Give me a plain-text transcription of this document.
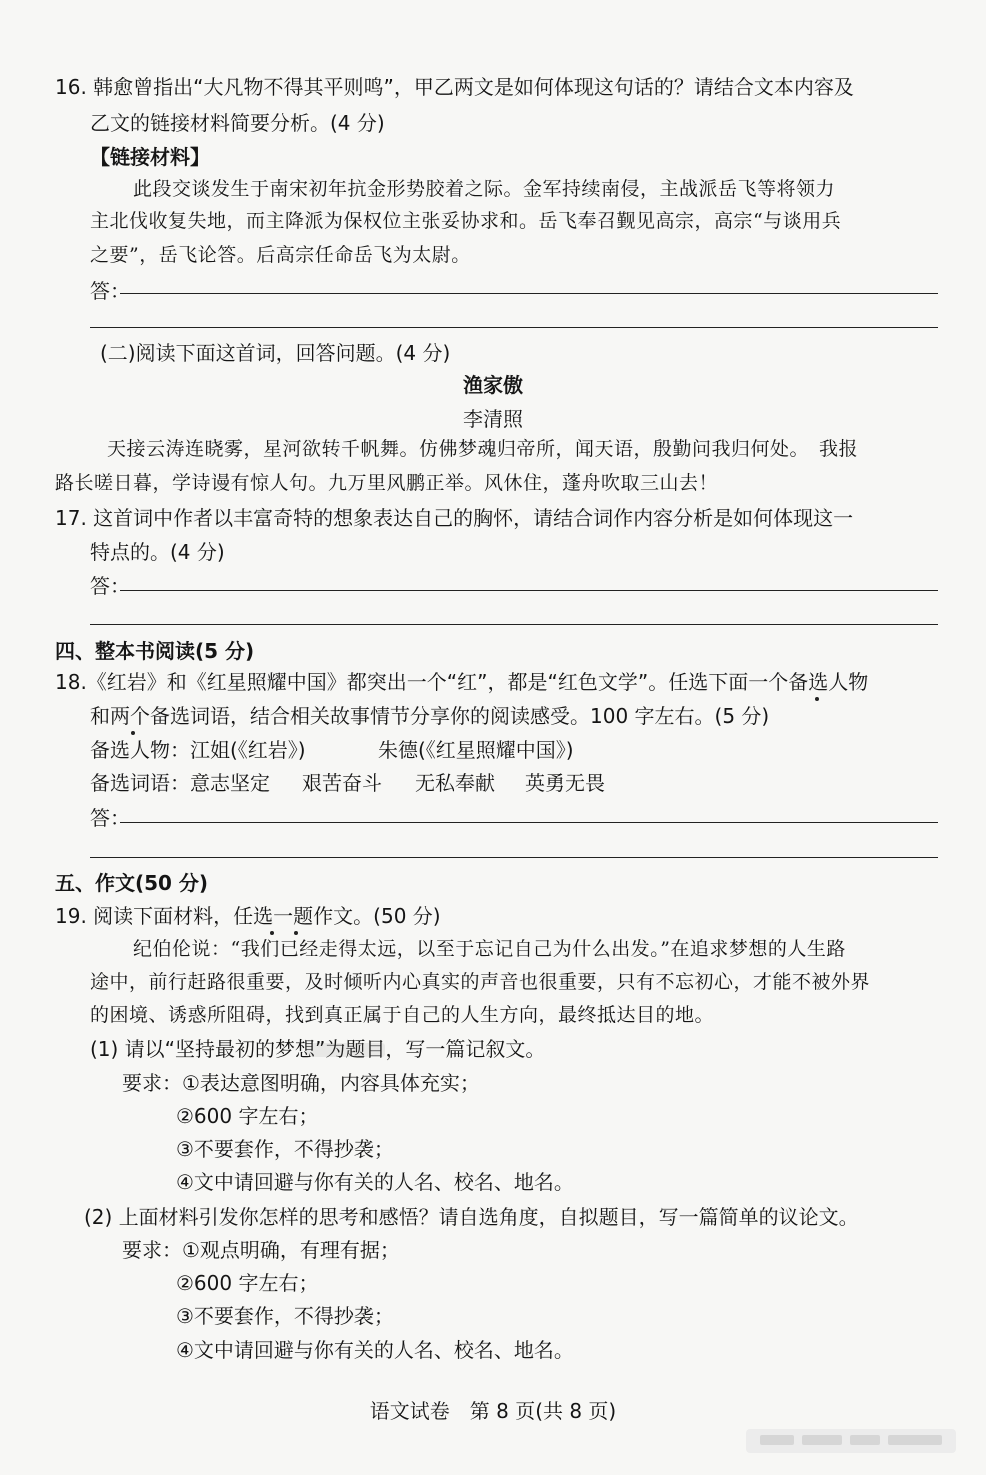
16. 韩愈曾指出“大凡物不得其平则鸣”，甲乙两文是如何体现这句话的？请结合文本内容及
乙文的链接材料简要分析。(4 分)
【链接材料】
此段交谈发生于南宋初年抗金形势胶着之际。金军持续南侵，主战派岳飞等将领力
主北伐收复失地，而主降派为保权位主张妥协求和。岳飞奉召觐见高宗，高宗“与谈用兵
之要”，岳飞论答。后高宗任命岳飞为太尉。
答：
(二)阅读下面这首词，回答问题。(4 分)
渔家傲
李清照
天接云涛连晓雾，星河欲转千帆舞。仿佛梦魂归帝所，闻天语，殷勤问我归何处。　我报
路长嗟日暮，学诗谩有惊人句。九万里风鹏正举。风休住，蓬舟吹取三山去！
17. 这首词中作者以丰富奇特的想象表达自己的胸怀，请结合词作内容分析是如何体现这一
特点的。(4 分)
答：
四、整本书阅读(5 分)
18.《红岩》和《红星照耀中国》都突出一个“红”，都是“红色文学”。任选下面一个备选人物
和两个备选词语，结合相关故事情节分享你的阅读感受。100 字左右。(5 分)
备选人物：江姐(《红岩》)	朱德(《红星照耀中国》)
备选词语：意志坚定 艰苦奋斗 无私奉献 英勇无畏
答：
五、作文(50 分)
19. 阅读下面材料，任选一题作文。(50 分)
纪伯伦说：“我们已经走得太远，以至于忘记自己为什么出发。”在追求梦想的人生路
途中，前行赶路很重要，及时倾听内心真实的声音也很重要，只有不忘初心，才能不被外界
的困境、诱惑所阻碍，找到真正属于自己的人生方向，最终抵达目的地。
(1) 请以“坚持最初的梦想”为题目，写一篇记叙文。
要求：①表达意图明确，内容具体充实；
②600 字左右；
③不要套作，不得抄袭；
④文中请回避与你有关的人名、校名、地名。
(2) 上面材料引发你怎样的思考和感悟？请自选角度，自拟题目，写一篇简单的议论文。
要求：①观点明确，有理有据；
②600 字左右；
③不要套作，不得抄袭；
④文中请回避与你有关的人名、校名、地名。
语文试卷　第 8 页(共 8 页)
